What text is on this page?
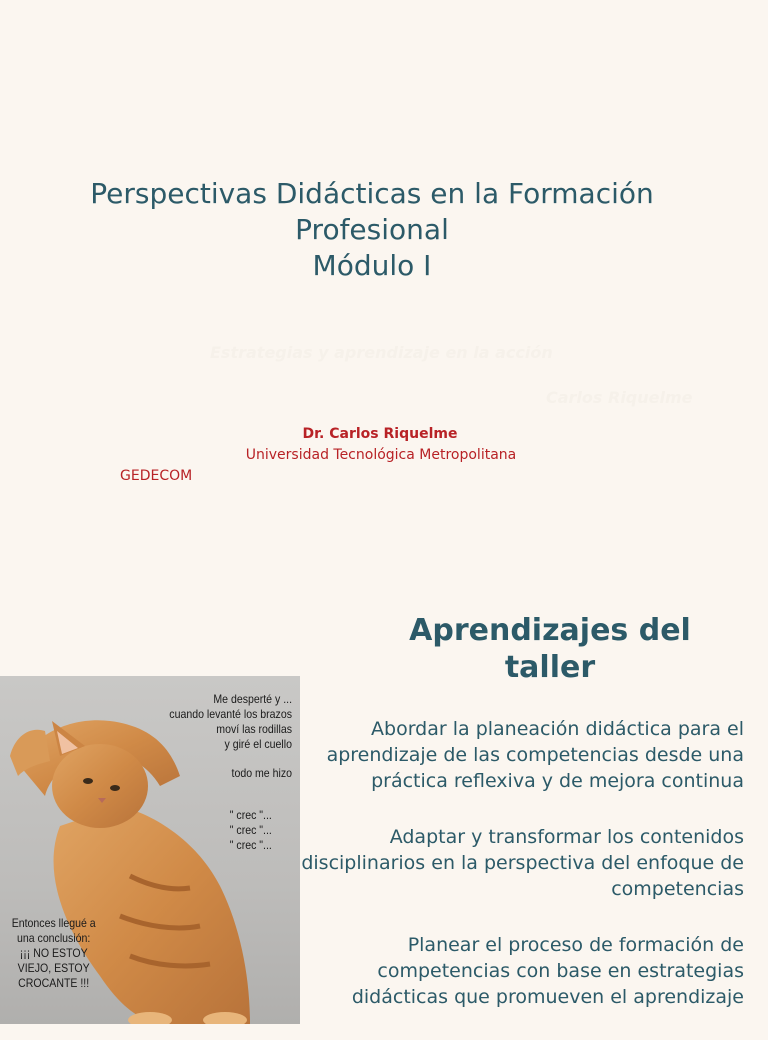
Perspectivas Didácticas en la Formación
Profesional
Módulo I
Estrategias y aprendizaje en la acción
Carlos Riquelme
Dr. Carlos Riquelme
Universidad Tecnológica Metropolitana
GEDECOM
Aprendizajes del
taller

Abordar la planeación didáctica para el aprendizaje de las competencias desde una práctica reflexiva y de mejora continua

Adaptar y transformar los contenidos disciplinarios en la perspectiva del enfoque de competencias

Planear el proceso de formación de competencias con base en estrategias didácticas que promueven el aprendizaje

Me desperté y ...
cuando levanté los brazos
moví las rodillas
y giré el cuello
todo me hizo
" crec "...
" crec "...
" crec "...
Entonces llegué a
una conclusión:
¡¡¡ NO ESTOY
VIEJO, ESTOY
CROCANTE !!!
